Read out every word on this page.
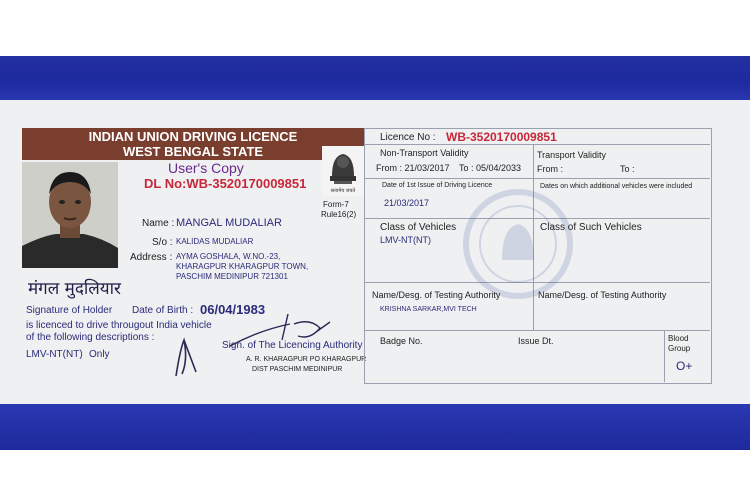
INDIAN UNION DRIVING LICENCE
WEST BENGAL STATE
User's Copy
DL No:WB-3520170009851	सत्यमेव जयते
Form-7
Rule16(2)
Name : MANGAL MUDALIAR
S/o : KALIDAS MUDALIAR
Address : AYMA GOSHALA, W.NO.-23,
KHARAGPUR KHARAGPUR TOWN,
PASCHIM MEDINIPUR 721301
मंगल मुदलियार
Signature of Holder Date of Birth : 06/04/1983
is licenced to drive througout India vehicle
of the following descriptions :
LMV-NT(NT) Only
Sign. of The Licencing Authority
A. R. KHARAGPUR PO KHARAGPUR
DIST PASCHIM MEDINIPUR
Licence No : WB-3520170009851
Non-Transport Validity
From : 21/03/2017 To : 05/04/2033
Transport Validity
From :	To :
Date of 1st Issue of Driving Licence
21/03/2017
Dates on which additional vehicles were included
Class of Vehicles
LMV-NT(NT)
Class of Such Vehicles
Name/Desg. of Testing Authority
KRISHNA SARKAR,MVI TECH
Name/Desg. of Testing Authority
Badge No.	Issue Dt.	Blood Group
O+
